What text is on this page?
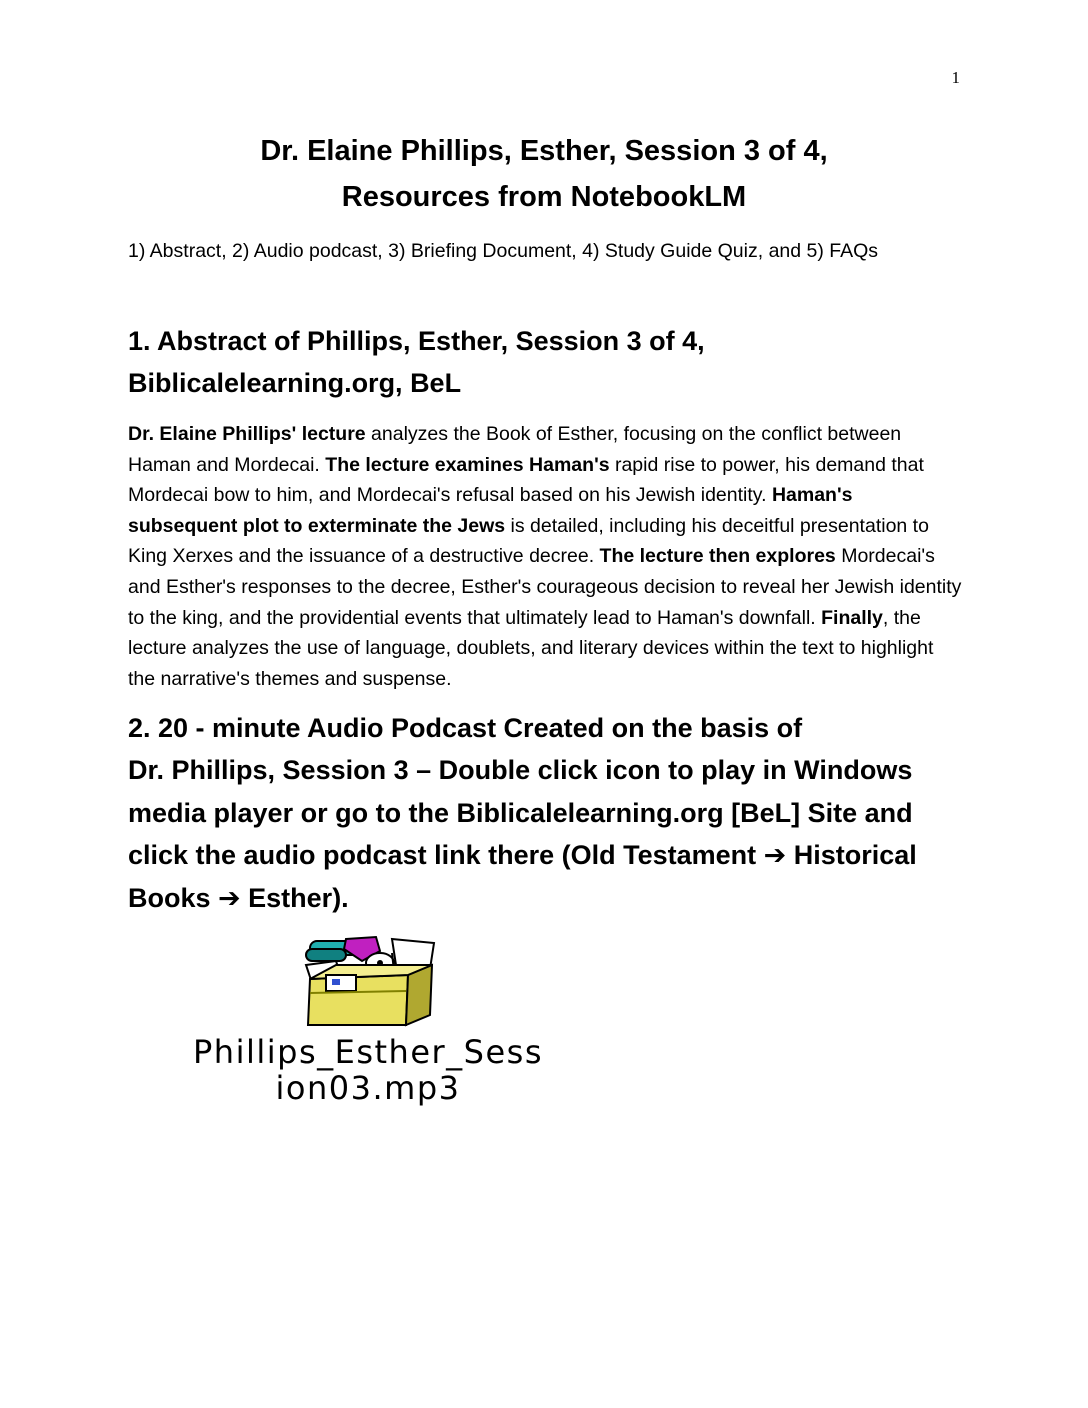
1
Dr. Elaine Phillips, Esther, Session 3 of 4,
Resources from NotebookLM
1) Abstract, 2) Audio podcast, 3) Briefing Document, 4) Study Guide Quiz, and 5) FAQs
1. Abstract of Phillips, Esther, Session 3 of 4,
Biblicalelearning.org, BeL
Dr. Elaine Phillips' lecture analyzes the Book of Esther, focusing on the conflict between Haman and Mordecai. The lecture examines Haman's rapid rise to power, his demand that Mordecai bow to him, and Mordecai's refusal based on his Jewish identity. Haman's subsequent plot to exterminate the Jews is detailed, including his deceitful presentation to King Xerxes and the issuance of a destructive decree. The lecture then explores Mordecai's and Esther's responses to the decree, Esther's courageous decision to reveal her Jewish identity to the king, and the providential events that ultimately lead to Haman's downfall. Finally, the lecture analyzes the use of language, doublets, and literary devices within the text to highlight the narrative's themes and suspense.
2. 20 - minute Audio Podcast Created on the basis of
Dr. Phillips, Session 3 – Double click icon to play in Windows
media player or go to the Biblicalelearning.org [BeL] Site and
click the audio podcast link there (Old Testament ➔ Historical
Books ➔ Esther).
Phillips_Esther_Sess
ion03.mp3
